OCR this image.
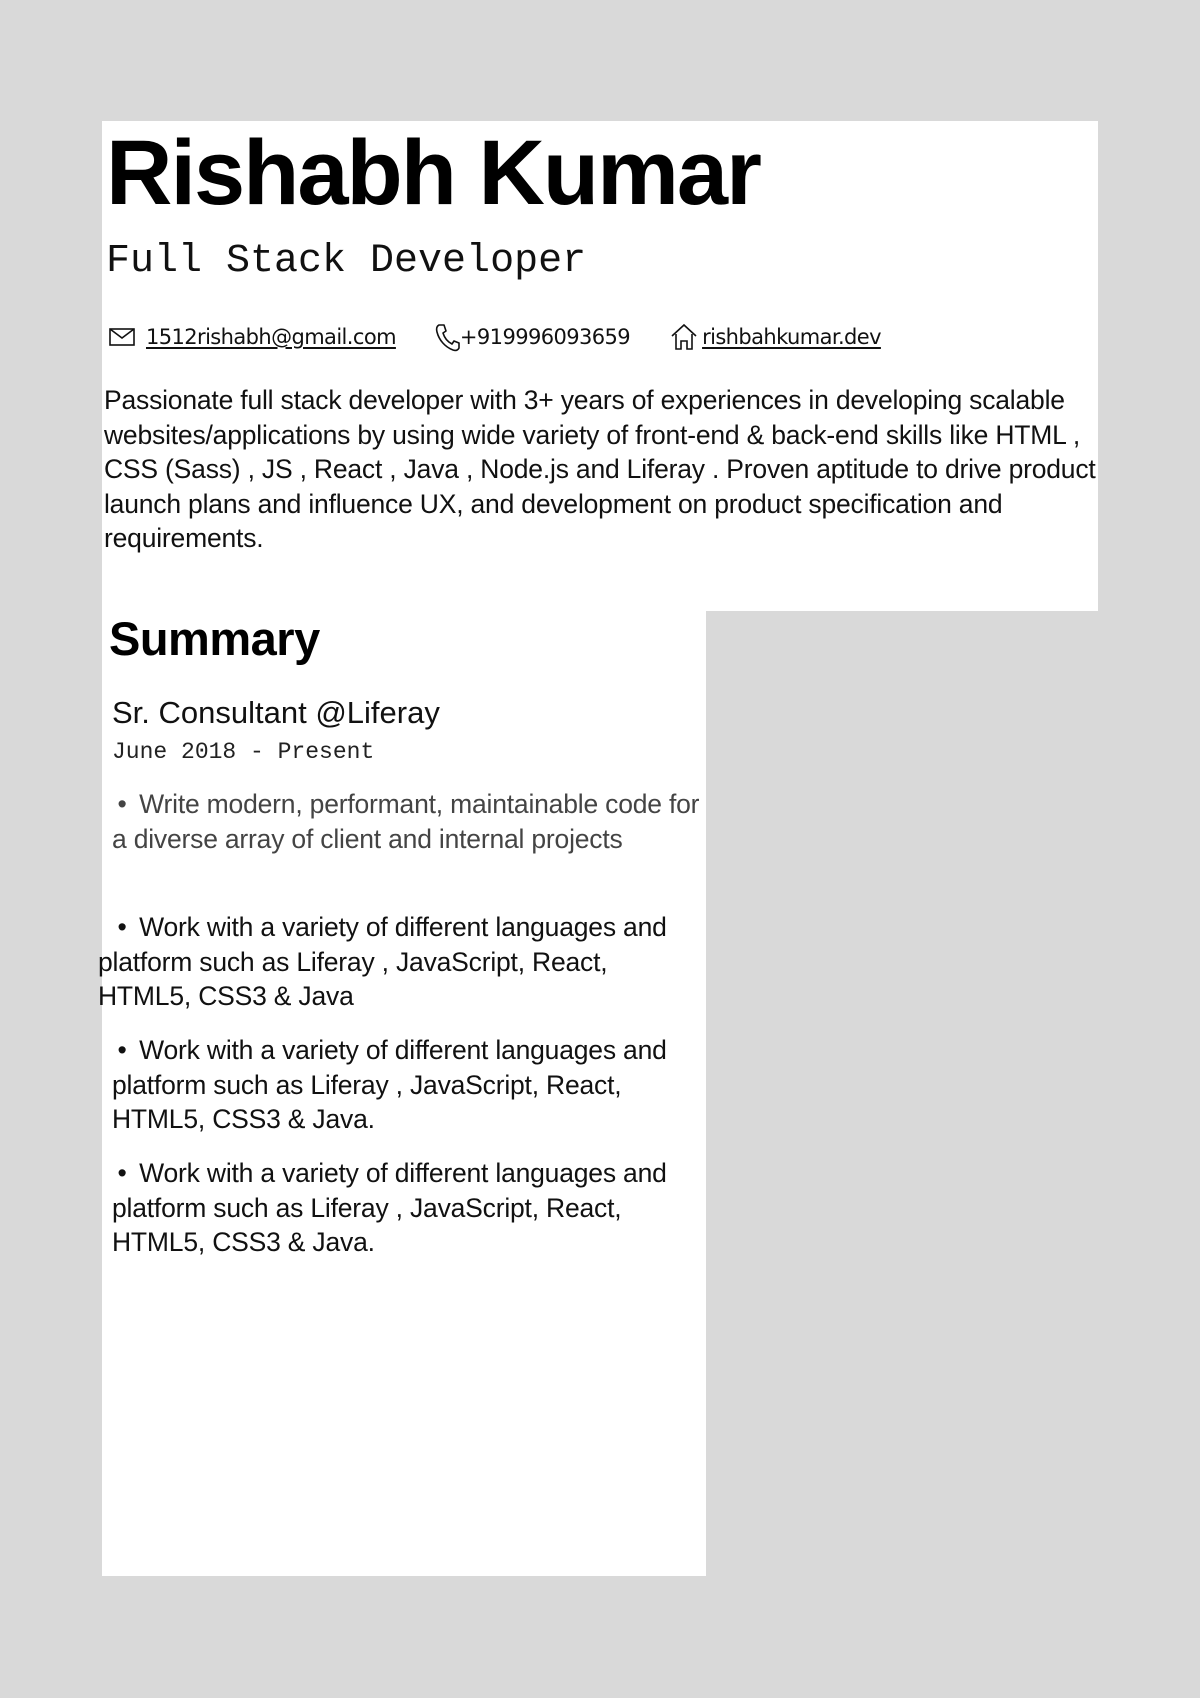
Rishabh Kumar
Full Stack Developer
1512rishabh@gmail.com	+919996093659	rishbahkumar.dev

Passionate full stack developer with 3+ years of experiences in developing scalable websites/applications by using wide variety of front-end & back-end skills like HTML , CSS (Sass) , JS , React , Java , Node.js and Liferay . Proven aptitude to drive product launch plans and influence UX, and development on product specification and requirements.

Summary
Sr. Consultant @Liferay
June 2018 - Present

• Write modern, performant, maintainable code for a diverse array of client and internal projects

• Work with a variety of different languages and platform such as Liferay , JavaScript, React, HTML5, CSS3 & Java

• Work with a variety of different languages and platform such as Liferay , JavaScript, React, HTML5, CSS3 & Java.

• Work with a variety of different languages and platform such as Liferay , JavaScript, React, HTML5, CSS3 & Java.
